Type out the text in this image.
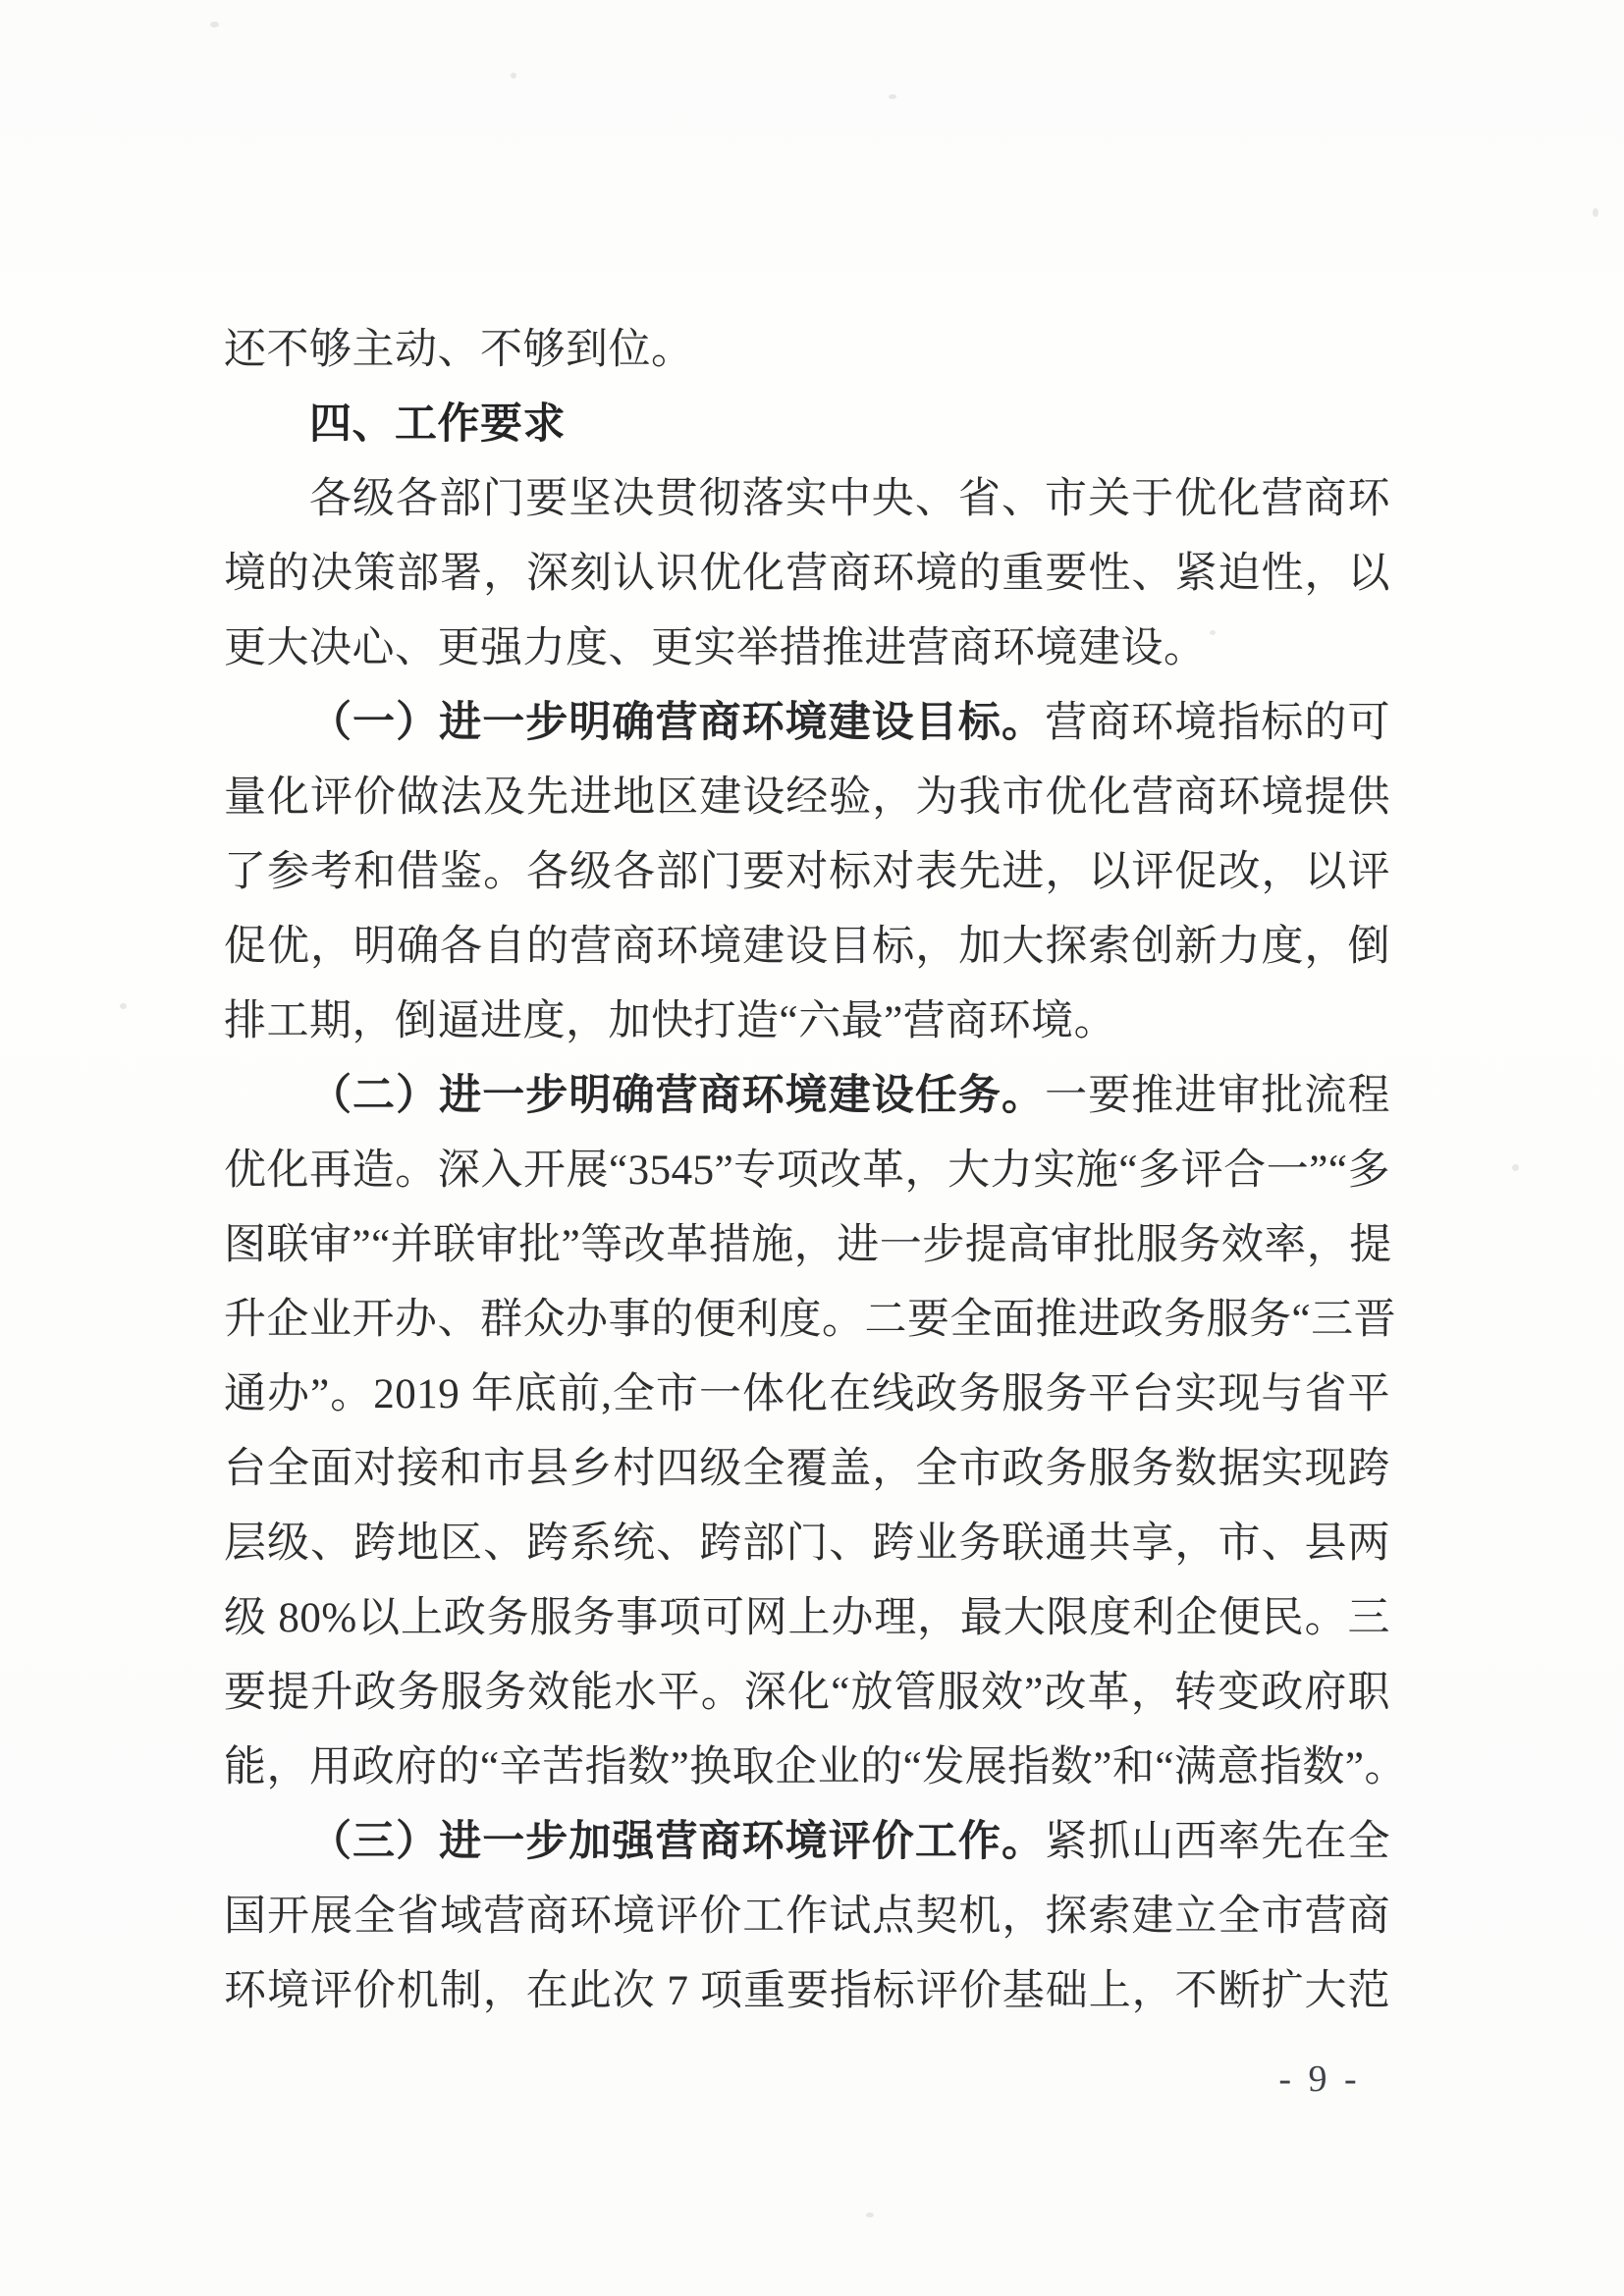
还不够主动、不够到位。

四、工作要求

各级各部门要坚决贯彻落实中央、省、市关于优化营商环

境的决策部署，深刻认识优化营商环境的重要性、紧迫性，以

更大决心、更强力度、更实举措推进营商环境建设。

（一）进一步明确营商环境建设目标。营商环境指标的可

量化评价做法及先进地区建设经验，为我市优化营商环境提供

了参考和借鉴。各级各部门要对标对表先进，以评促改，以评

促优，明确各自的营商环境建设目标，加大探索创新力度，倒

排工期，倒逼进度，加快打造“六最”营商环境。

（二）进一步明确营商环境建设任务。一要推进审批流程

优化再造。深入开展“3545”专项改革，大力实施“多评合一”“多

图联审”“并联审批”等改革措施，进一步提高审批服务效率，提

升企业开办、群众办事的便利度。二要全面推进政务服务“三晋

通办”。2019 年底前,全市一体化在线政务服务平台实现与省平

台全面对接和市县乡村四级全覆盖，全市政务服务数据实现跨

层级、跨地区、跨系统、跨部门、跨业务联通共享，市、县两

级 80%以上政务服务事项可网上办理，最大限度利企便民。三

要提升政务服务效能水平。深化“放管服效”改革，转变政府职

能，用政府的“辛苦指数”换取企业的“发展指数”和“满意指数”。

（三）进一步加强营商环境评价工作。紧抓山西率先在全

国开展全省域营商环境评价工作试点契机，探索建立全市营商

环境评价机制，在此次 7 项重要指标评价基础上，不断扩大范

- 9 -
